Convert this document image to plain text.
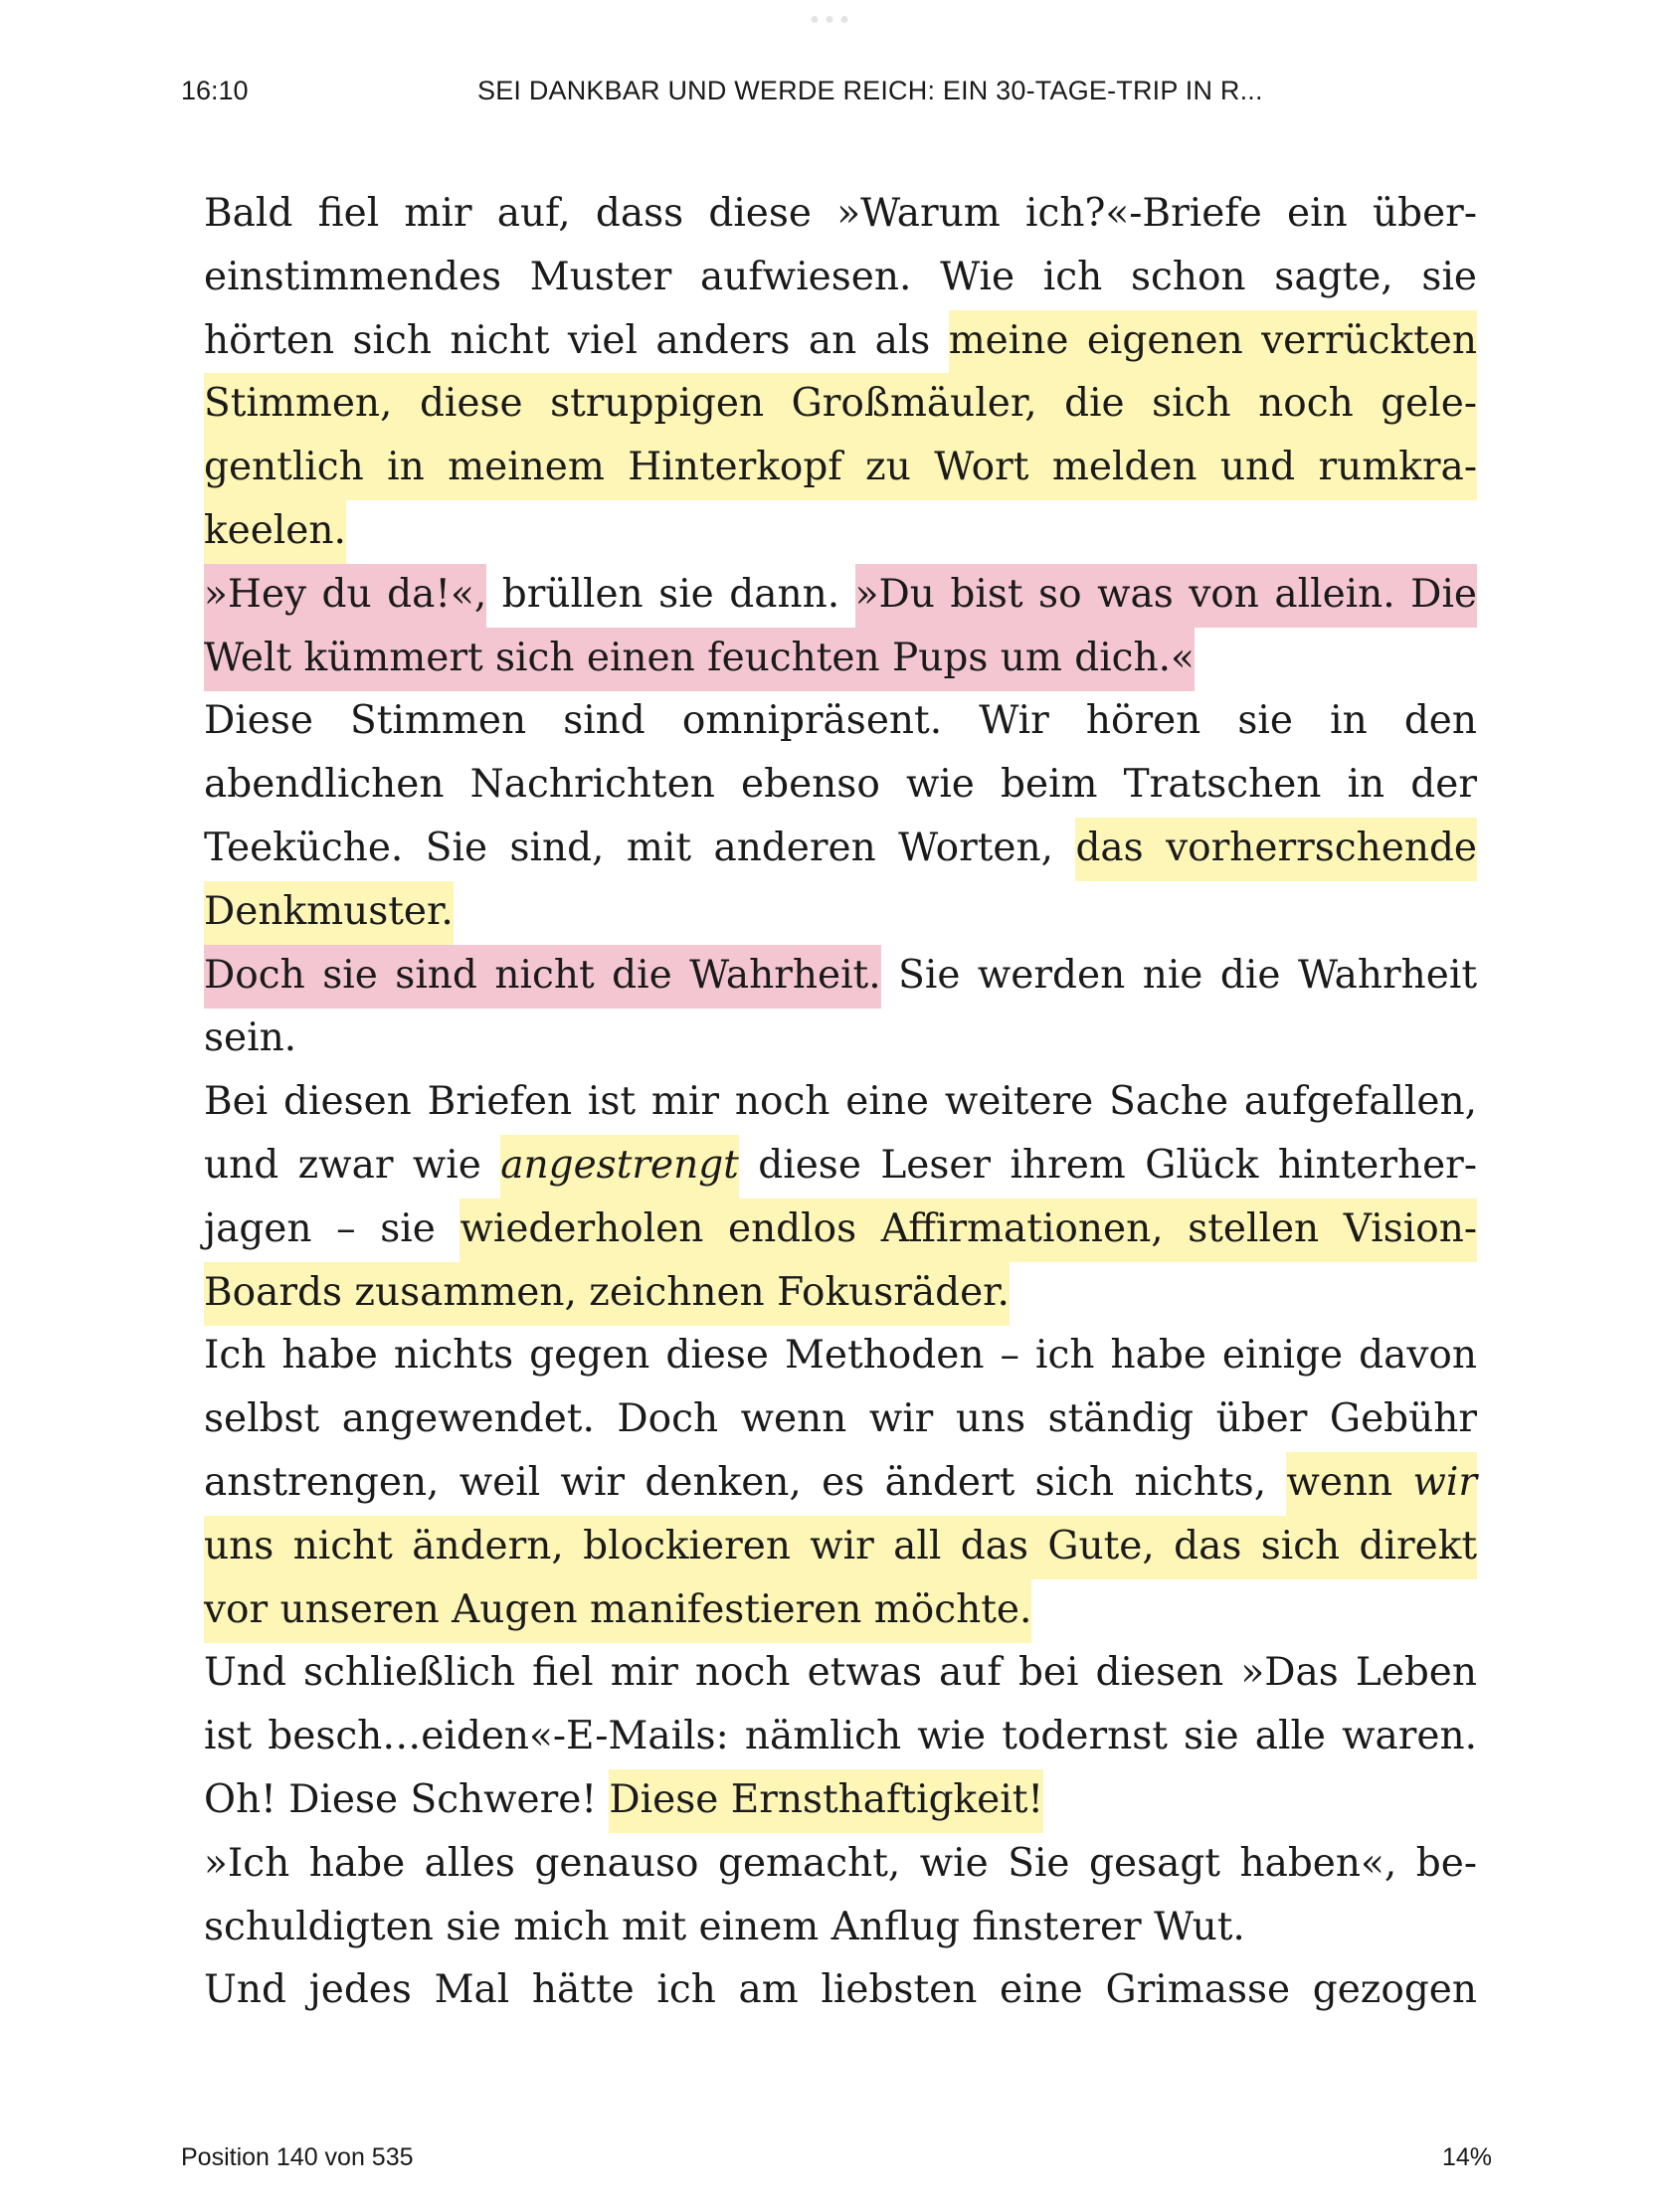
16:10	SEI DANKBAR UND WERDE REICH: EIN 30-TAGE-TRIP IN R...

Bald fiel mir auf, dass diese »Warum ich?«-Briefe ein übereinstimmendes Muster aufwiesen. Wie ich schon sagte, sie hörten sich nicht viel anders an als meine eigenen verrückten Stimmen, diese struppigen Großmäuler, die sich noch gelegentlich in meinem Hinterkopf zu Wort melden und rumkrakeelen.

»Hey du da!«, brüllen sie dann. »Du bist so was von allein. Die Welt kümmert sich einen feuchten Pups um dich.«

Diese Stimmen sind omnipräsent. Wir hören sie in den abendlichen Nachrichten ebenso wie beim Tratschen in der Teeküche. Sie sind, mit anderen Worten, das vorherrschende Denkmuster.

Doch sie sind nicht die Wahrheit. Sie werden nie die Wahrheit sein.

Bei diesen Briefen ist mir noch eine weitere Sache aufgefallen, und zwar wie angestrengt diese Leser ihrem Glück hinterherjagen – sie wiederholen endlos Affirmationen, stellen Vision-Boards zusammen, zeichnen Fokusräder.

Ich habe nichts gegen diese Methoden – ich habe einige davon selbst angewendet. Doch wenn wir uns ständig über Gebühr anstrengen, weil wir denken, es ändert sich nichts, wenn wir uns nicht ändern, blockieren wir all das Gute, das sich direkt vor unseren Augen manifestieren möchte.

Und schließlich fiel mir noch etwas auf bei diesen »Das Leben ist besch…eiden«-E-Mails: nämlich wie todernst sie alle waren. Oh! Diese Schwere! Diese Ernsthaftigkeit!

»Ich habe alles genauso gemacht, wie Sie gesagt haben«, beschuldigten sie mich mit einem Anflug finsterer Wut.

Und jedes Mal hätte ich am liebsten eine Grimasse gezogen

Position 140 von 535	14%
